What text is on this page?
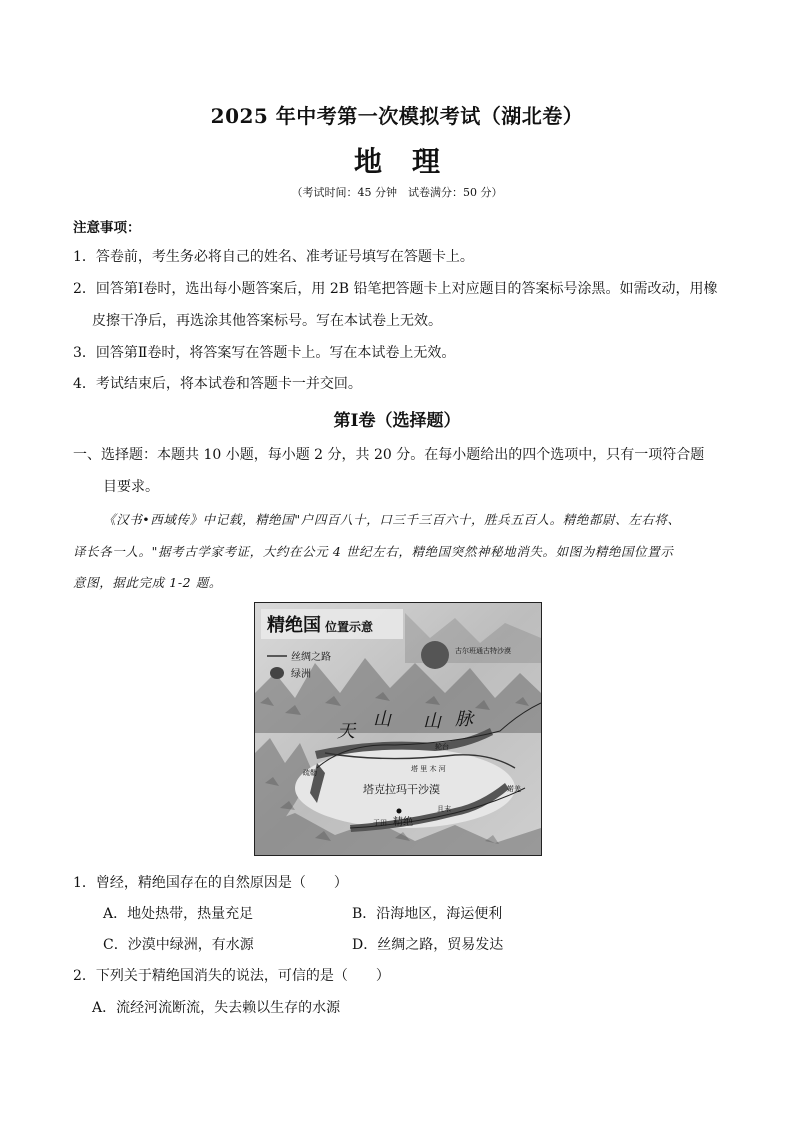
2025 年中考第一次模拟考试（湖北卷）
地理
（考试时间：45 分钟　试卷满分：50 分）
注意事项：
1．答卷前，考生务必将自己的姓名、准考证号填写在答题卡上。
2．回答第Ⅰ卷时，选出每小题答案后，用 2B 铅笔把答题卡上对应题目的答案标号涂黑。如需改动，用橡
皮擦干净后，再选涂其他答案标号。写在本试卷上无效。
3．回答第Ⅱ卷时，将答案写在答题卡上。写在本试卷上无效。
4．考试结束后，将本试卷和答题卡一并交回。
第Ⅰ卷（选择题）
一、选择题：本题共 10 小题，每小题 2 分，共 20 分。在每小题给出的四个选项中，只有一项符合题
目要求。
《汉书•西域传》中记载，精绝国"户四百八十，口三千三百六十，胜兵五百人。精绝都尉、左右将、
译长各一人。"据考古学家考证，大约在公元 4 世纪左右，精绝国突然神秘地消失。如图为精绝国位置示
意图，据此完成 1-2 题。
精绝国 位置示意
丝绸之路
绿洲
古尔班通古特沙漠
天
山 山 脉
轮台
塔 里 木 河
塔克拉玛干沙漠
疏勒
于田 精绝
且末
婼羌
1．曾经，精绝国存在的自然原因是（　　）
A．地处热带，热量充足	B．沿海地区，海运便利
C．沙漠中绿洲，有水源	D．丝绸之路，贸易发达
2．下列关于精绝国消失的说法，可信的是（　　）
A．流经河流断流，失去赖以生存的水源
